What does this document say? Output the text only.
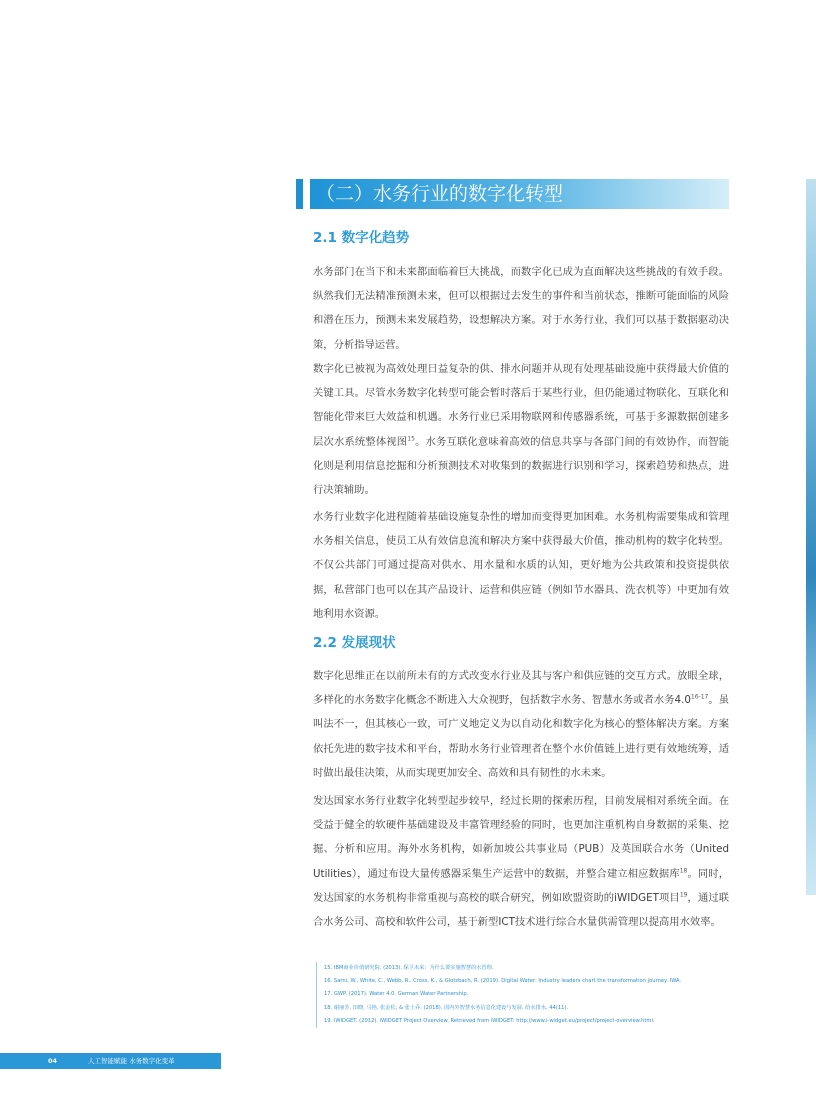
（二）水务行业的数字化转型
2.1 数字化趋势

水务部门在当下和未来都面临着巨大挑战，而数字化已成为直面解决这些挑战的有效手段。纵然我们无法精准预测未来，但可以根据过去发生的事件和当前状态，推断可能面临的风险和潜在压力，预测未来发展趋势，设想解决方案。对于水务行业，我们可以基于数据驱动决策，分析指导运营。

数字化已被视为高效处理日益复杂的供、排水问题并从现有处理基础设施中获得最大价值的关键工具。尽管水务数字化转型可能会暂时落后于某些行业，但仍能通过物联化、互联化和智能化带来巨大效益和机遇。水务行业已采用物联网和传感器系统，可基于多源数据创建多层次水系统整体视图$^{15}$。水务互联化意味着高效的信息共享与各部门间的有效协作，而智能化则是利用信息挖掘和分析预测技术对收集到的数据进行识别和学习，探索趋势和热点，进行决策辅助。

水务行业数字化进程随着基础设施复杂性的增加而变得更加困难。水务机构需要集成和管理水务相关信息，使员工从有效信息流和解决方案中获得最大价值，推动机构的数字化转型。不仅公共部门可通过提高对供水、用水量和水质的认知，更好地为公共政策和投资提供依据，私营部门也可以在其产品设计、运营和供应链（例如节水器具、洗衣机等）中更加有效地利用水资源。

2.2 发展现状

数字化思维正在以前所未有的方式改变水行业及其与客户和供应链的交互方式。放眼全球，多样化的水务数字化概念不断进入大众视野，包括数字水务、智慧水务或者水务4.0$^{16-17}$。虽叫法不一，但其核心一致，可广义地定义为以自动化和数字化为核心的整体解决方案。方案依托先进的数字技术和平台，帮助水务行业管理者在整个水价值链上进行更有效地统筹，适时做出最佳决策，从而实现更加安全、高效和具有韧性的水未来。

发达国家水务行业数字化转型起步较早，经过长期的探索历程，目前发展相对系统全面。在受益于健全的软硬件基础建设及丰富管理经验的同时，也更加注重机构自身数据的采集、挖掘、分析和应用。海外水务机构，如新加坡公共事业局（PUB）及英国联合水务（United Utilities），通过布设大量传感器采集生产运营中的数据，并整合建立相应数据库$^{18}$。同时，发达国家的水务机构非常重视与高校的联合研究，例如欧盟资助的iWIDGET项目$^{19}$，通过联合水务公司、高校和软件公司，基于新型ICT技术进行综合水量供需管理以提高用水效率。

15. IBM商业价值研究院. (2013). 保卫未来：为什么要实施智慧的水管理.
16. Sarni, W., White, C., Webb, R., Cross, K., & Glotzbach, R. (2019). Digital Water: Industry leaders chart the transformation journey. IWA.
17. GWP. (2017). Water 4.0. German Water Partnership.
18. 谢丽芳, 田晓, 马艳, 张金松, & 张土乔. (2018). 国内外智慧水务信息化建设与发展. 给水排水, 44(11).
19. iWIDGET. (2012). iWIDGET Project Overview. Retrieved from iWIDGET: http://www.i-widget.eu/project/project-overview.html.
04	人工智能赋能 水务数字化变革
